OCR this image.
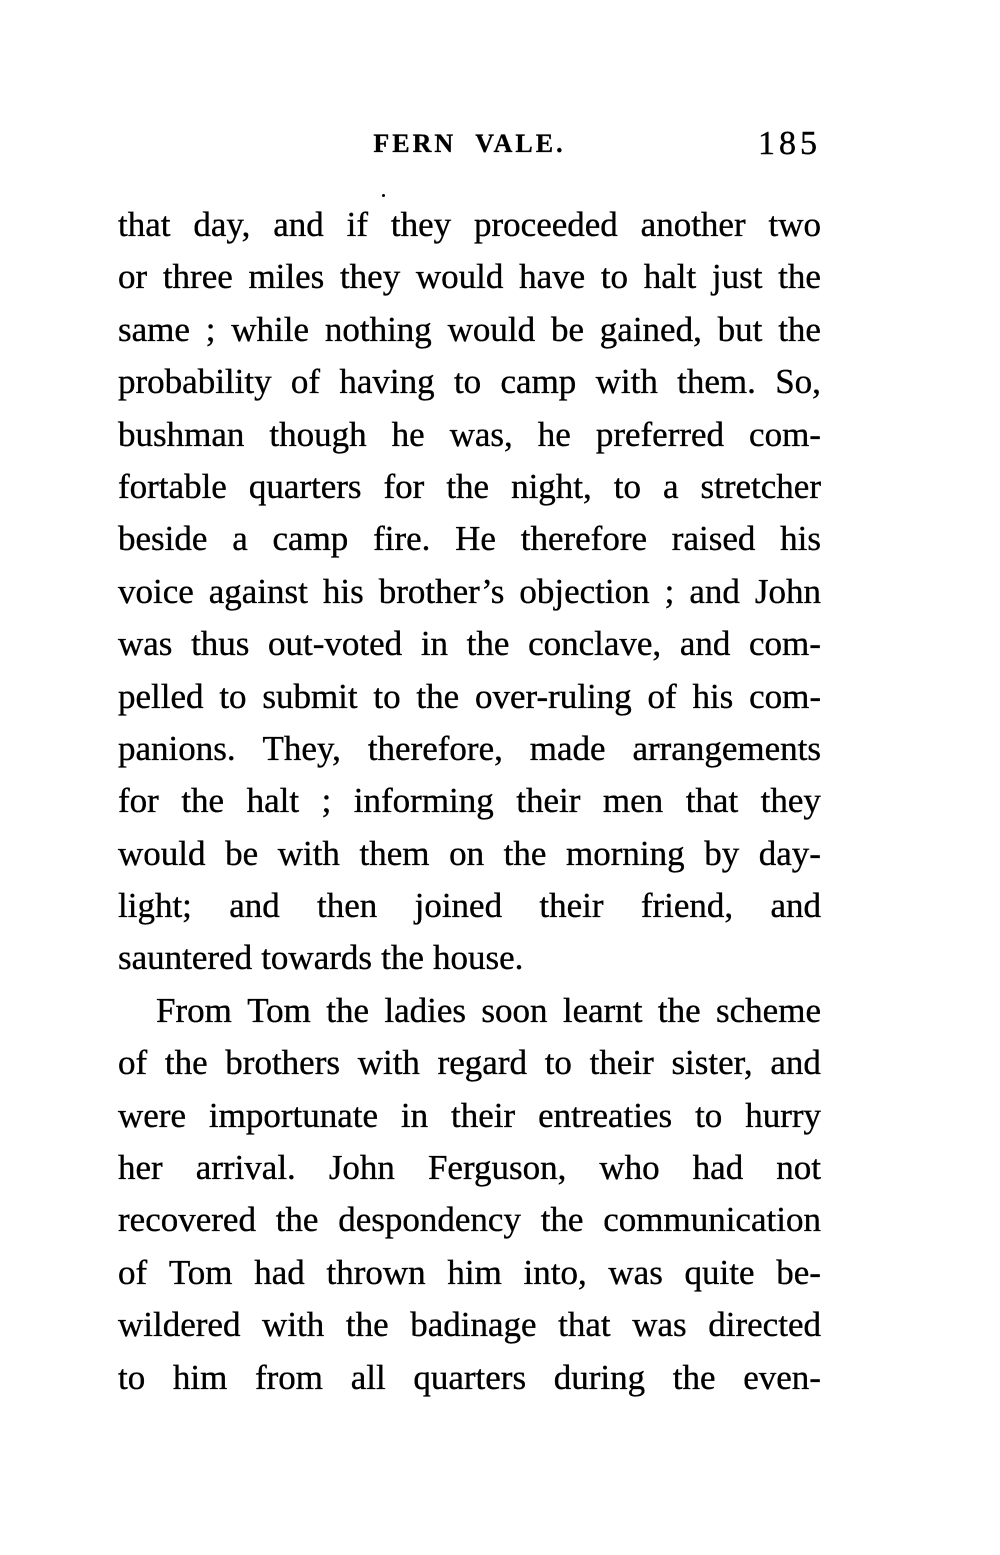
FERN VALE.	185
that day, and if they proceeded another two
or three miles they would have to halt just the
same ; while nothing would be gained, but the
probability of having to camp with them. So,
bushman though he was, he preferred com-
fortable quarters for the night, to a stretcher
beside a camp fire. He therefore raised his
voice against his brother’s objection ; and John
was thus out-voted in the conclave, and com-
pelled to submit to the over-ruling of his com-
panions. They, therefore, made arrangements
for the halt ; informing their men that they
would be with them on the morning by day-
light; and then joined their friend, and
sauntered towards the house.
From Tom the ladies soon learnt the scheme
of the brothers with regard to their sister, and
were importunate in their entreaties to hurry
her arrival. John Ferguson, who had not
recovered the despondency the communication
of Tom had thrown him into, was quite be-
wildered with the badinage that was directed
to him from all quarters during the even-
